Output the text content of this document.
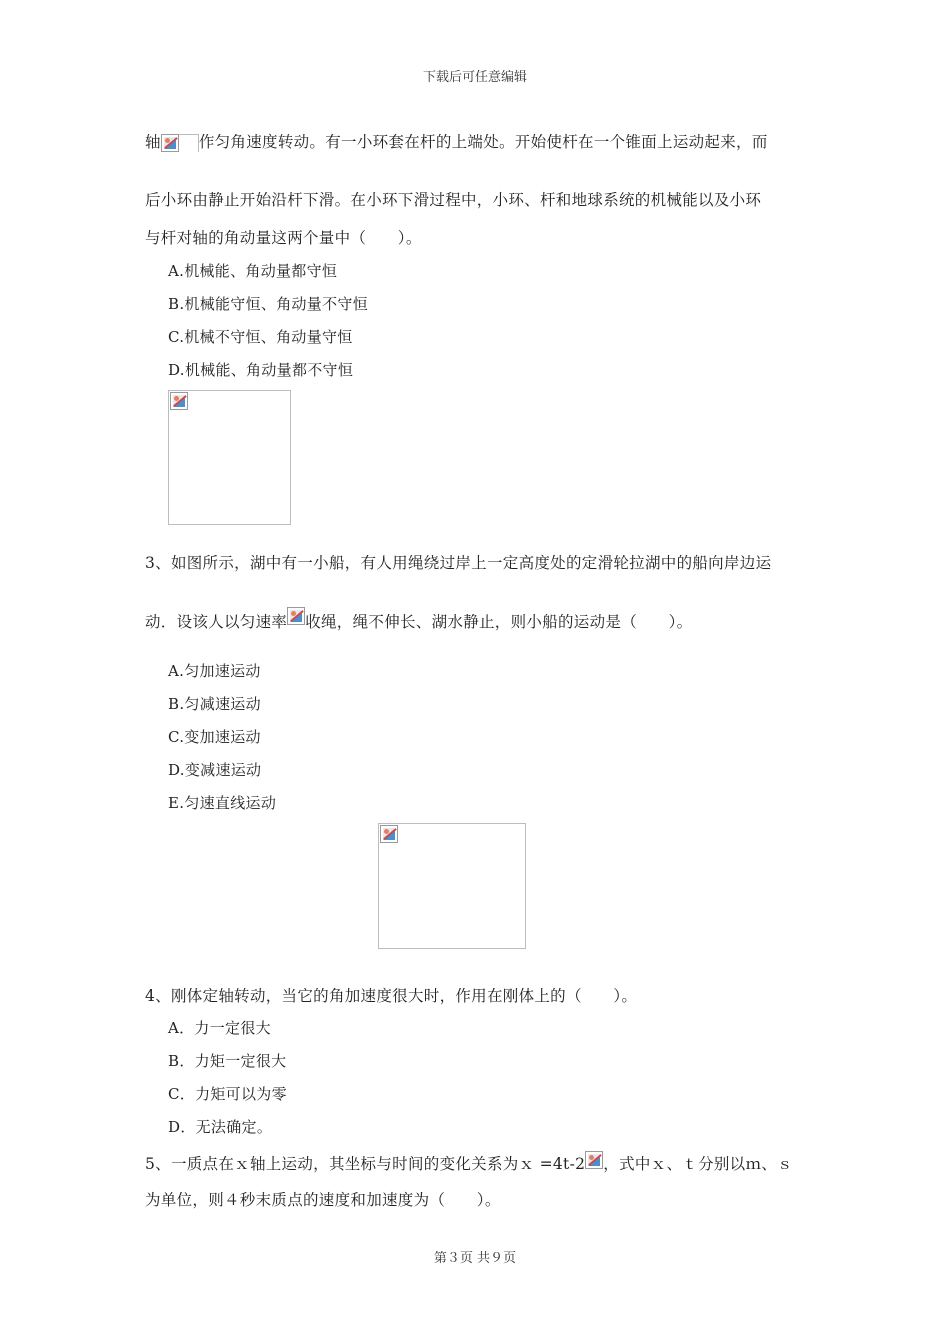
下载后可任意编辑
轴 作匀角速度转动。有一小环套在杆的上端处。开始使杆在一个锥面上运动起来，而
后小环由静止开始沿杆下滑。在小环下滑过程中，小环、杆和地球系统的机械能以及小环
与杆对轴的角动量这两个量中（　　）。
A.机械能、角动量都守恒
B.机械能守恒、角动量不守恒
C.机械不守恒、角动量守恒
D.机械能、角动量都不守恒
3、如图所示，湖中有一小船，有人用绳绕过岸上一定高度处的定滑轮拉湖中的船向岸边运
动．设该人以匀速率 收绳，绳不伸长、湖水静止，则小船的运动是（　　）。
A.匀加速运动
B.匀减速运动
C.变加速运动
D.变减速运动
E.匀速直线运动
4、刚体定轴转动，当它的角加速度很大时，作用在刚体上的（　　）。
A．力一定很大
B．力矩一定很大
C．力矩可以为零
D．无法确定。
5、一质点在ｘ轴上运动，其坐标与时间的变化关系为ｘ =4t-2 ，式中ｘ、ｔ分别以ｍ、ｓ
为单位，则４秒末质点的速度和加速度为（　　）。
第３页 共９页
